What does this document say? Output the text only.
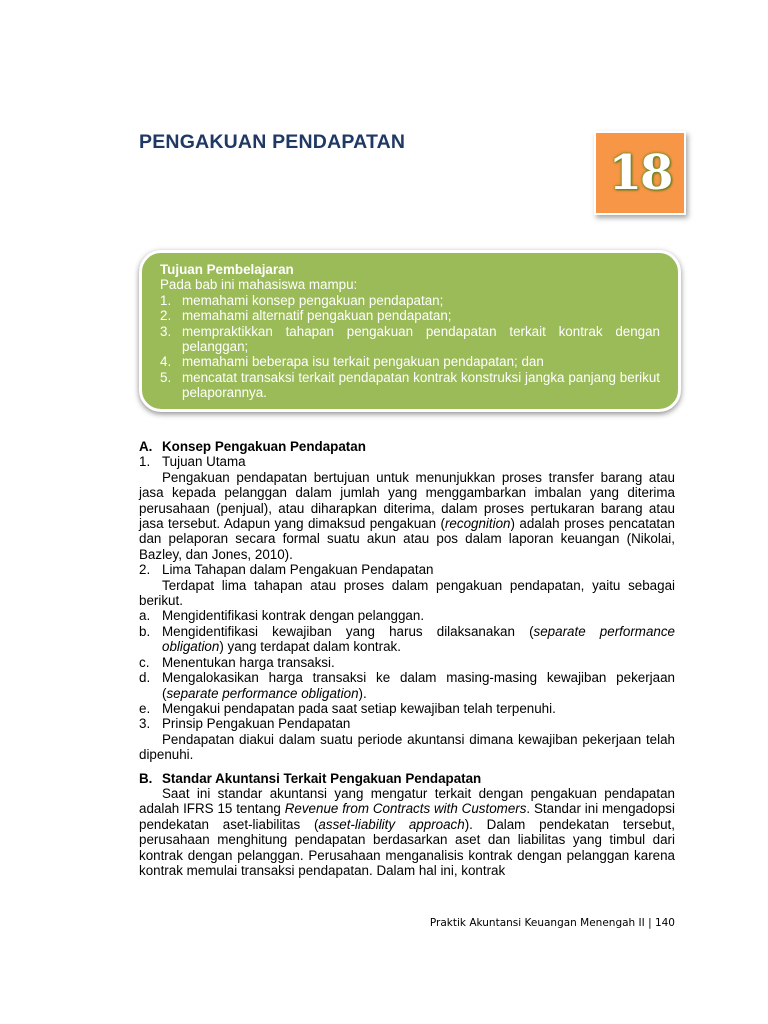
PENGAKUAN PENDAPATAN
18
Tujuan Pembelajaran
Pada bab ini mahasiswa mampu:
1. memahami konsep pengakuan pendapatan;
2. memahami alternatif pengakuan pendapatan;
3. mempraktikkan tahapan pengakuan pendapatan terkait kontrak dengan pelanggan;
4. memahami beberapa isu terkait pengakuan pendapatan; dan
5. mencatat transaksi terkait pendapatan kontrak konstruksi jangka panjang berikut pelaporannya.
A. Konsep Pengakuan Pendapatan
1. Tujuan Utama
Pengakuan pendapatan bertujuan untuk menunjukkan proses transfer barang atau jasa kepada pelanggan dalam jumlah yang menggambarkan imbalan yang diterima perusahaan (penjual), atau diharapkan diterima, dalam proses pertukaran barang atau jasa tersebut. Adapun yang dimaksud pengakuan (recognition) adalah proses pencatatan dan pelaporan secara formal suatu akun atau pos dalam laporan keuangan (Nikolai, Bazley, dan Jones, 2010).
2. Lima Tahapan dalam Pengakuan Pendapatan
Terdapat lima tahapan atau proses dalam pengakuan pendapatan, yaitu sebagai berikut.
a. Mengidentifikasi kontrak dengan pelanggan.
b. Mengidentifikasi kewajiban yang harus dilaksanakan (separate performance obligation) yang terdapat dalam kontrak.
c. Menentukan harga transaksi.
d. Mengalokasikan harga transaksi ke dalam masing-masing kewajiban pekerjaan (separate performance obligation).
e. Mengakui pendapatan pada saat setiap kewajiban telah terpenuhi.
3. Prinsip Pengakuan Pendapatan
Pendapatan diakui dalam suatu periode akuntansi dimana kewajiban pekerjaan telah dipenuhi.
B. Standar Akuntansi Terkait Pengakuan Pendapatan
Saat ini standar akuntansi yang mengatur terkait dengan pengakuan pendapatan adalah IFRS 15 tentang Revenue from Contracts with Customers. Standar ini mengadopsi pendekatan aset-liabilitas (asset-liability approach). Dalam pendekatan tersebut, perusahaan menghitung pendapatan berdasarkan aset dan liabilitas yang timbul dari kontrak dengan pelanggan. Perusahaan menganalisis kontrak dengan pelanggan karena kontrak memulai transaksi pendapatan. Dalam hal ini, kontrak
Praktik Akuntansi Keuangan Menengah II | 140
